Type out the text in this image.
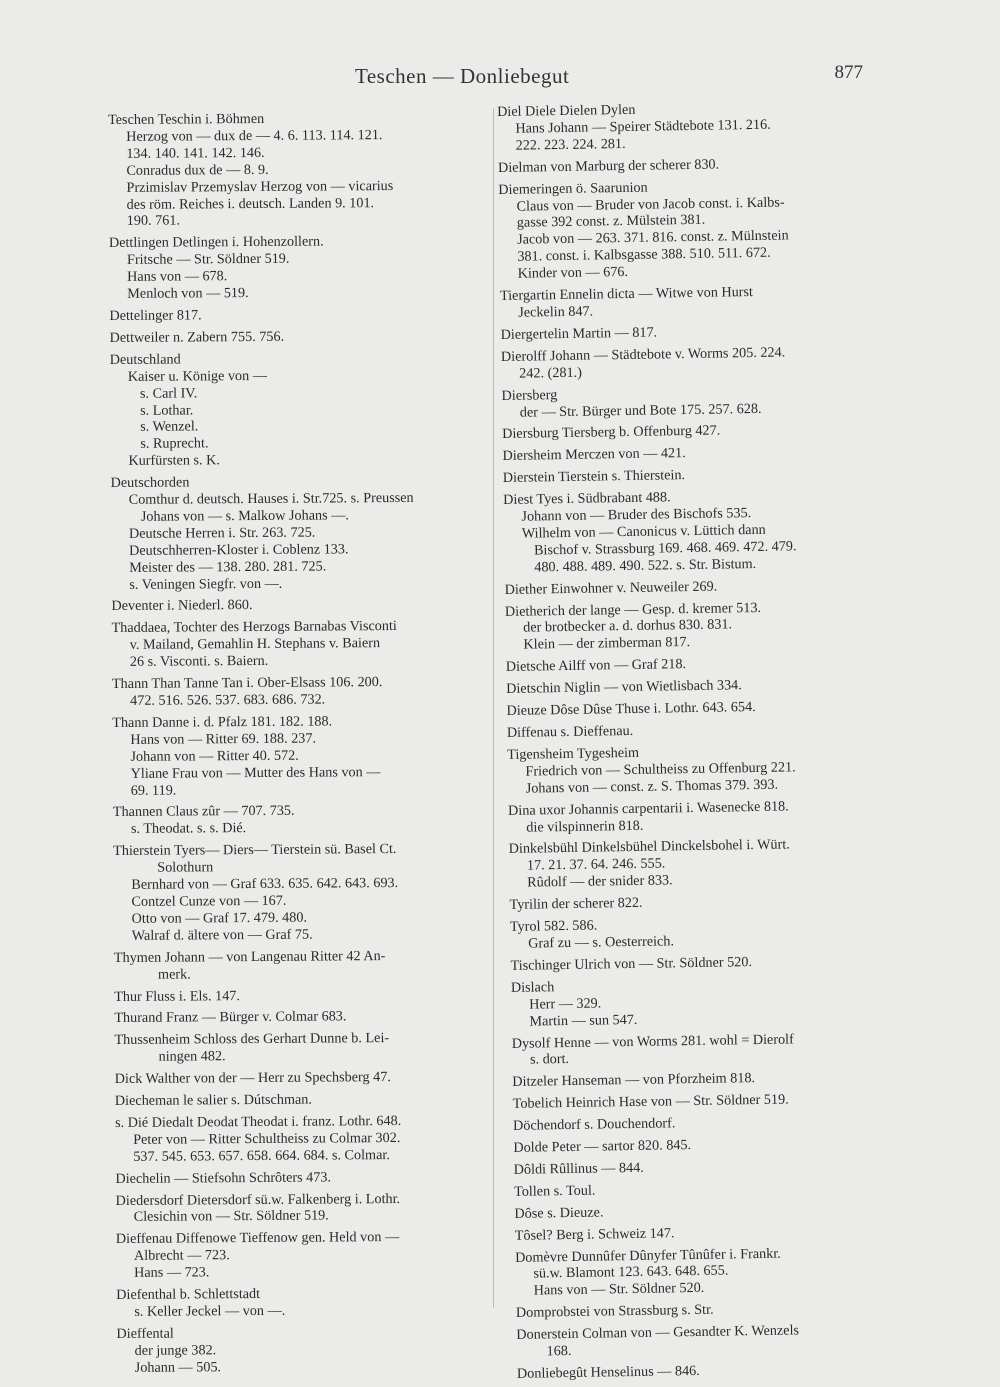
Teschen — Donliebegut	877
Teschen Teschin i. Böhmen
Herzog von — dux de — 4. 6. 113. 114. 121.
134. 140. 141. 142. 146.
Conradus dux de — 8. 9.
Przimislav Przemyslav Herzog von — vicarius
des röm. Reiches i. deutsch. Landen 9. 101.
190. 761.
Dettlingen Detlingen i. Hohenzollern.
Fritsche — Str. Söldner 519.
Hans von — 678.
Menloch von — 519.
Dettelinger 817.
Dettweiler n. Zabern 755. 756.
Deutschland
Kaiser u. Könige von —
s. Carl IV.
s. Lothar.
s. Wenzel.
s. Ruprecht.
Kurfürsten s. K.
Deutschorden
Comthur d. deutsch. Hauses i. Str.725. s. Preussen
Johans von — s. Malkow Johans —.
Deutsche Herren i. Str. 263. 725.
Deutschherren-Kloster i. Coblenz 133.
Meister des — 138. 280. 281. 725.
s. Veningen Siegfr. von —.
Deventer i. Niederl. 860.
Thaddaea, Tochter des Herzogs Barnabas Visconti
v. Mailand, Gemahlin H. Stephans v. Baiern
26 s. Visconti. s. Baiern.
Thann Than Tanne Tan i. Ober-Elsass 106. 200.
472. 516. 526. 537. 683. 686. 732.
Thann Danne i. d. Pfalz 181. 182. 188.
Hans von — Ritter 69. 188. 237.
Johann von — Ritter 40. 572.
Yliane Frau von — Mutter des Hans von —
69. 119.
Thannen Claus zûr — 707. 735.
s. Theodat. s. s. Dié.
Thierstein Tyers— Diers— Tierstein sü. Basel Ct.
Solothurn
Bernhard von — Graf 633. 635. 642. 643. 693.
Contzel Cunze von — 167.
Otto von — Graf 17. 479. 480.
Walraf d. ältere von — Graf 75.
Thymen Johann — von Langenau Ritter 42 An-
merk.
Thur Fluss i. Els. 147.
Thurand Franz — Bürger v. Colmar 683.
Thussenheim Schloss des Gerhart Dunne b. Lei-
ningen 482.
Dick Walther von der — Herr zu Spechsberg 47.
Diecheman le salier s. Dútschman.
s. Dié Diedalt Deodat Theodat i. franz. Lothr. 648.
Peter von — Ritter Schultheiss zu Colmar 302.
537. 545. 653. 657. 658. 664. 684. s. Colmar.
Diechelin — Stiefsohn Schrôters 473.
Diedersdorf Dietersdorf sü.w. Falkenberg i. Lothr.
Clesichin von — Str. Söldner 519.
Dieffenau Diffenowe Tieffenow gen. Held von —
Albrecht — 723.
Hans — 723.
Diefenthal b. Schlettstadt
s. Keller Jeckel — von —.
Dieffental
der junge 382.
Johann — 505.
Diel Diele Dielen Dylen
Hans Johann — Speirer Städtebote 131. 216.
222. 223. 224. 281.
Dielman von Marburg der scherer 830.
Diemeringen ö. Saarunion
Claus von — Bruder von Jacob const. i. Kalbs-
gasse 392 const. z. Mülstein 381.
Jacob von — 263. 371. 816. const. z. Mülnstein
381. const. i. Kalbsgasse 388. 510. 511. 672.
Kinder von — 676.
Tiergartin Ennelin dicta — Witwe von Hurst
Jeckelin 847.
Diergertelin Martin — 817.
Dierolff Johann — Städtebote v. Worms 205. 224.
242. (281.)
Diersberg
der — Str. Bürger und Bote 175. 257. 628.
Diersburg Tiersberg b. Offenburg 427.
Diersheim Merczen von — 421.
Dierstein Tierstein s. Thierstein.
Diest Tyes i. Südbrabant 488.
Johann von — Bruder des Bischofs 535.
Wilhelm von — Canonicus v. Lüttich dann
Bischof v. Strassburg 169. 468. 469. 472. 479.
480. 488. 489. 490. 522. s. Str. Bistum.
Diether Einwohner v. Neuweiler 269.
Dietherich der lange — Gesp. d. kremer 513.
der brotbecker a. d. dorhus 830. 831.
Klein — der zimberman 817.
Dietsche Ailff von — Graf 218.
Dietschin Niglin — von Wietlisbach 334.
Dieuze Dôse Dûse Thuse i. Lothr. 643. 654.
Diffenau s. Dieffenau.
Tigensheim Tygesheim
Friedrich von — Schultheiss zu Offenburg 221.
Johans von — const. z. S. Thomas 379. 393.
Dina uxor Johannis carpentarii i. Wasenecke 818.
die vilspinnerin 818.
Dinkelsbühl Dinkelsbühel Dinckelsbohel i. Würt.
17. 21. 37. 64. 246. 555.
Rûdolf — der snider 833.
Tyrilin der scherer 822.
Tyrol 582. 586.
Graf zu — s. Oesterreich.
Tischinger Ulrich von — Str. Söldner 520.
Dislach
Herr — 329.
Martin — sun 547.
Dysolf Henne — von Worms 281. wohl = Dierolf
s. dort.
Ditzeler Hanseman — von Pforzheim 818.
Tobelich Heinrich Hase von — Str. Söldner 519.
Döchendorf s. Douchendorf.
Dolde Peter — sartor 820. 845.
Dôldi Rûllinus — 844.
Tollen s. Toul.
Dôse s. Dieuze.
Tôsel? Berg i. Schweiz 147.
Domèvre Dunnûfer Dûnyfer Tûnûfer i. Frankr.
sü.w. Blamont 123. 643. 648. 655.
Hans von — Str. Söldner 520.
Domprobstei von Strassburg s. Str.
Donerstein Colman von — Gesandter K. Wenzels
168.
Donliebegût Henselinus — 846.
